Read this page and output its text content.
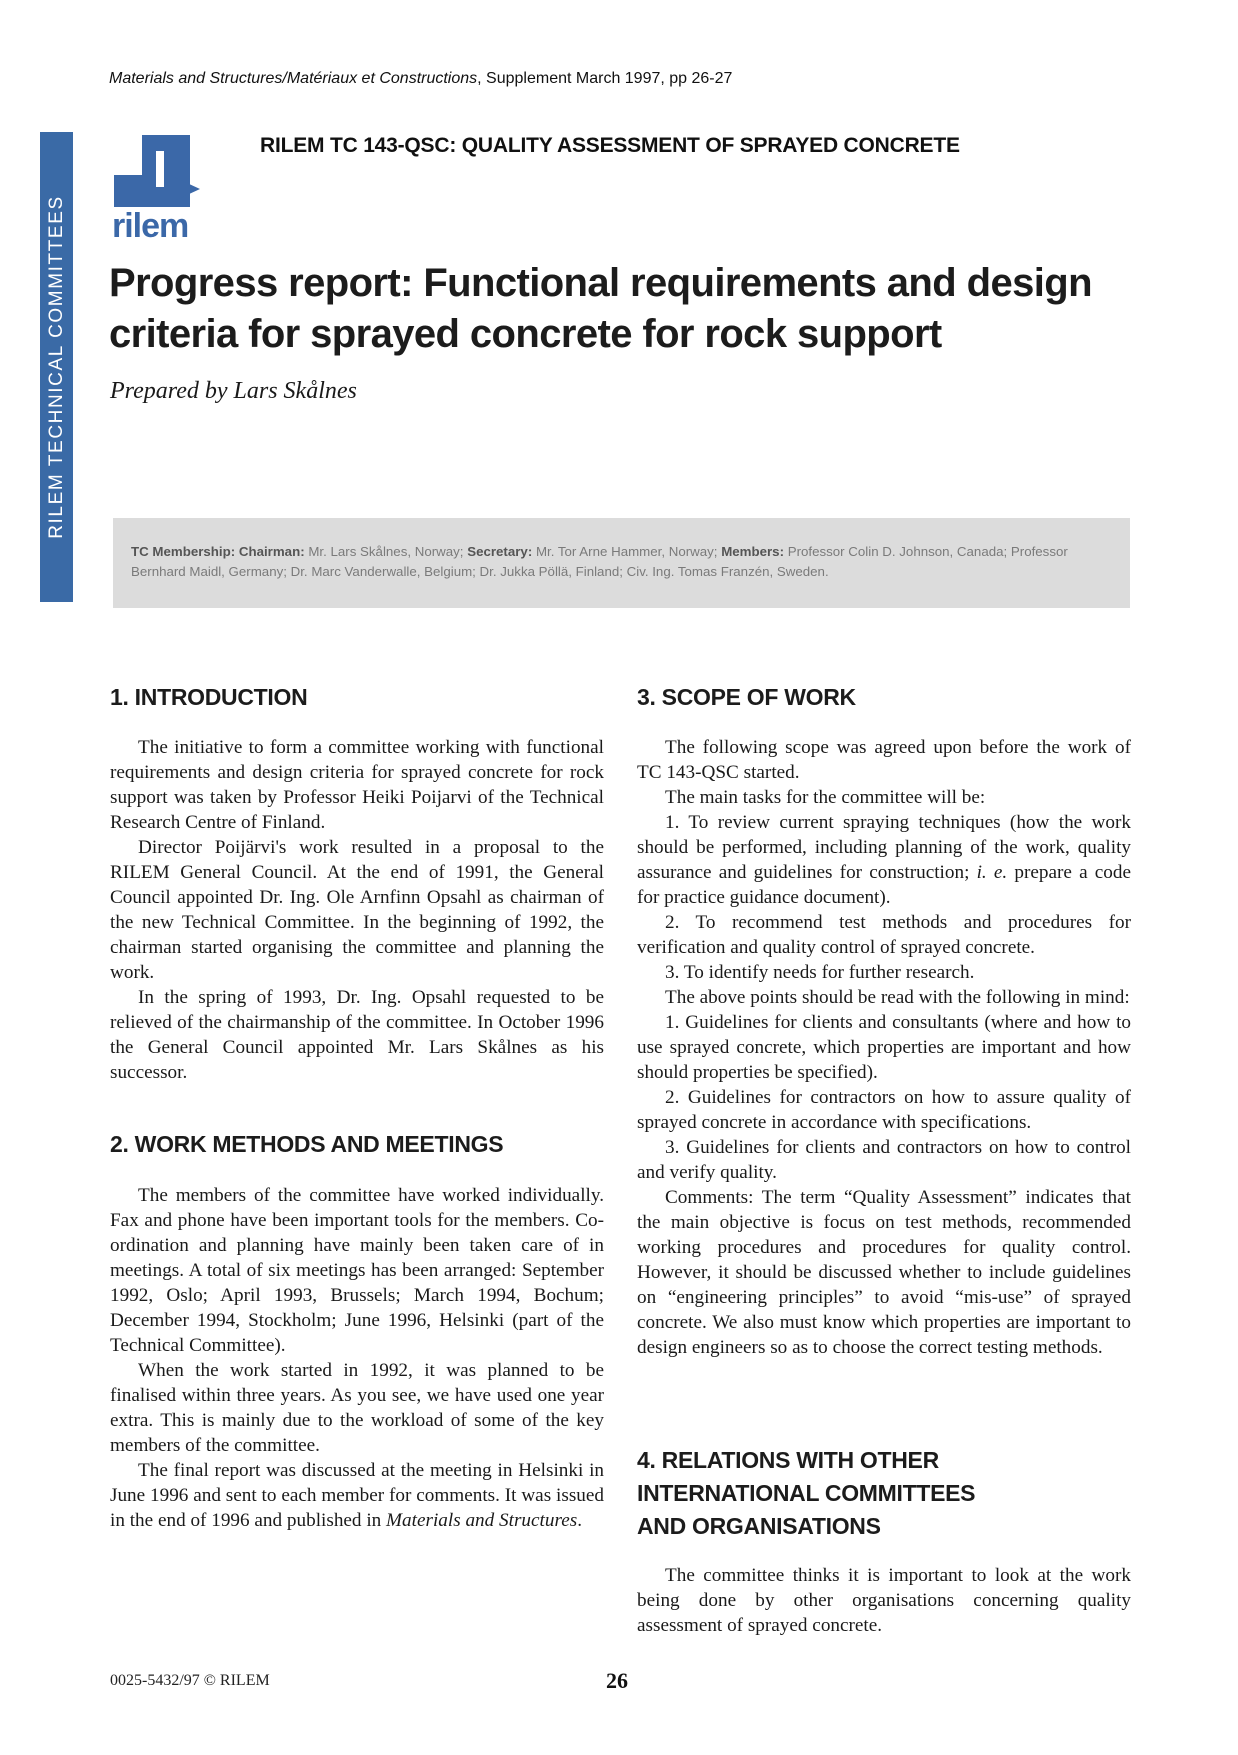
Materials and Structures/Matériaux et Constructions, Supplement March 1997, pp 26-27
RILEM TECHNICAL COMMITTEES rilem
RILEM TC 143-QSC: QUALITY ASSESSMENT OF SPRAYED CONCRETE
Progress report: Functional requirements and design
criteria for sprayed concrete for rock support
Prepared by Lars Skålnes
TC Membership: Chairman: Mr. Lars Skålnes, Norway; Secretary: Mr. Tor Arne Hammer, Norway; Members: Professor Colin D. Johnson, Canada; Professor Bernhard Maidl, Germany; Dr. Marc Vanderwalle, Belgium; Dr. Jukka Pöllä, Finland; Civ. Ing. Tomas Franzén, Sweden.
1. INTRODUCTION

The initiative to form a committee working with functional requirements and design criteria for sprayed concrete for rock support was taken by Professor Heiki Poijarvi of the Technical Research Centre of Finland.

Director Poijärvi's work resulted in a proposal to the RILEM General Council. At the end of 1991, the General Council appointed Dr. Ing. Ole Arnfinn Opsahl as chairman of the new Technical Committee. In the beginning of 1992, the chairman started organising the committee and planning the work.

In the spring of 1993, Dr. Ing. Opsahl requested to be relieved of the chairmanship of the committee. In October 1996 the General Council appointed Mr. Lars Skålnes as his successor.

2. WORK METHODS AND MEETINGS

The members of the committee have worked individually. Fax and phone have been important tools for the members. Co-ordination and planning have mainly been taken care of in meetings. A total of six meetings has been arranged: September 1992, Oslo; April 1993, Brussels; March 1994, Bochum; December 1994, Stockholm; June 1996, Helsinki (part of the Technical Committee).

When the work started in 1992, it was planned to be finalised within three years. As you see, we have used one year extra. This is mainly due to the workload of some of the key members of the committee.

The final report was discussed at the meeting in Helsinki in June 1996 and sent to each member for comments. It was issued in the end of 1996 and published in Materials and Structures.

3. SCOPE OF WORK

The following scope was agreed upon before the work of TC 143-QSC started.

The main tasks for the committee will be:

1. To review current spraying techniques (how the work should be performed, including planning of the work, quality assurance and guidelines for construction; i. e. prepare a code for practice guidance document).

2. To recommend test methods and procedures for verification and quality control of sprayed concrete.

3. To identify needs for further research.

The above points should be read with the following in mind:

1. Guidelines for clients and consultants (where and how to use sprayed concrete, which properties are important and how should properties be specified).

2. Guidelines for contractors on how to assure quality of sprayed concrete in accordance with specifications.

3. Guidelines for clients and contractors on how to control and verify quality.

Comments: The term “Quality Assessment” indicates that the main objective is focus on test methods, recommended working procedures and procedures for quality control. However, it should be discussed whether to include guidelines on “engineering principles” to avoid “mis-use” of sprayed concrete. We also must know which properties are important to design engineers so as to choose the correct testing methods.

4. RELATIONS WITH OTHER
INTERNATIONAL COMMITTEES
AND ORGANISATIONS

The committee thinks it is important to look at the work being done by other organisations concerning quality assessment of sprayed concrete.

0025-5432/97 © RILEM	26
